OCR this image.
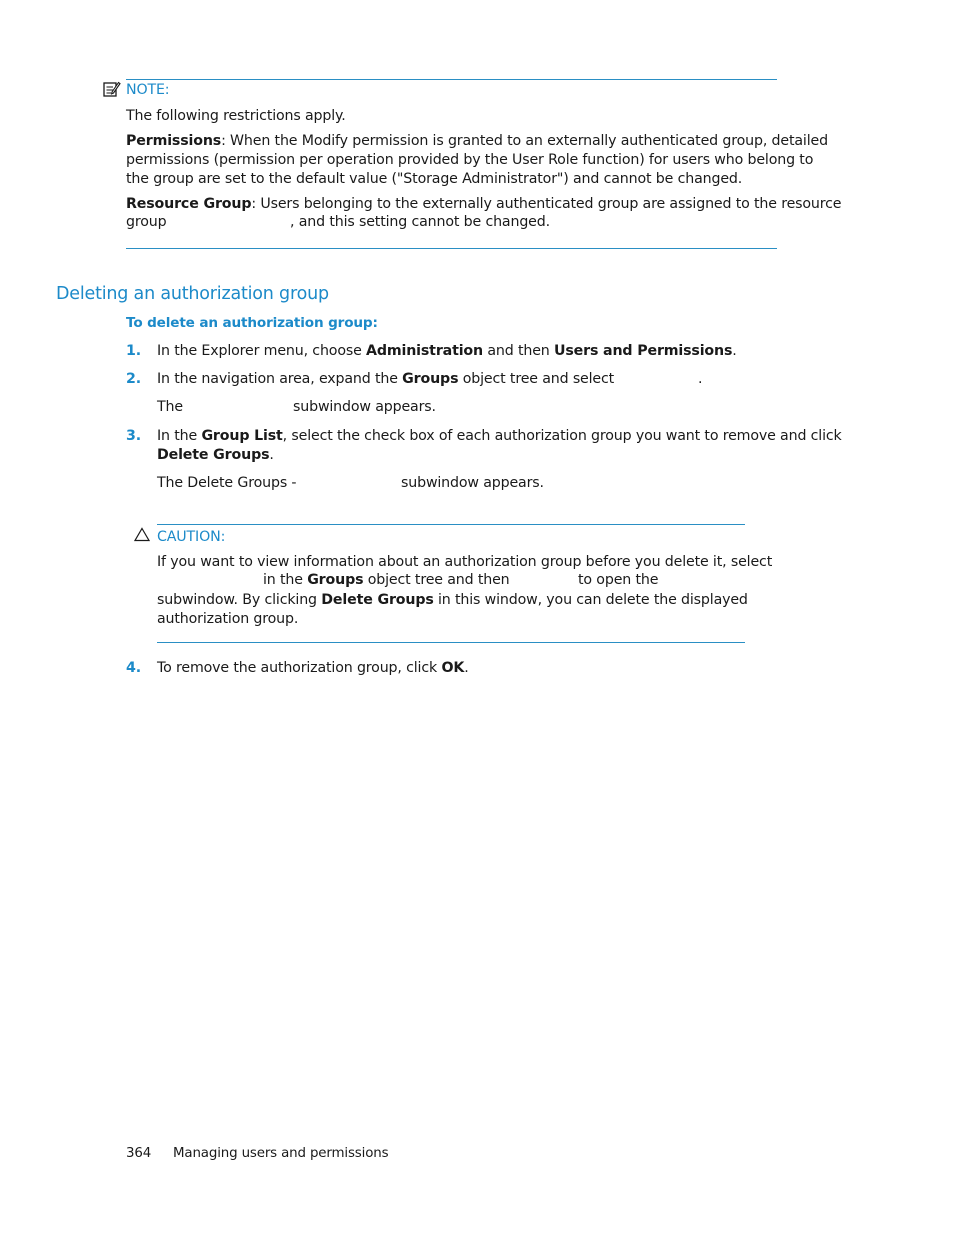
NOTE:
The following restrictions apply.
Permissions: When the Modify permission is granted to an externally authenticated group, detailed
permissions (permission per operation provided by the User Role function) for users who belong to
the group are set to the default value ("Storage Administrator") and cannot be changed.
Resource Group: Users belonging to the externally authenticated group are assigned to the resource
group	, and this setting cannot be changed.
Deleting an authorization group
To delete an authorization group:
1. In the Explorer menu, choose Administration and then Users and Permissions.
2. In the navigation area, expand the Groups object tree and select	.
The	subwindow appears.
3. In the Group List, select the check box of each authorization group you want to remove and click
Delete Groups.
The Delete Groups -	subwindow appears.
CAUTION:
If you want to view information about an authorization group before you delete it, select
in the Groups object tree and then	to open the
subwindow. By clicking Delete Groups in this window, you can delete the displayed
authorization group.
4. To remove the authorization group, click OK.
364 Managing users and permissions
